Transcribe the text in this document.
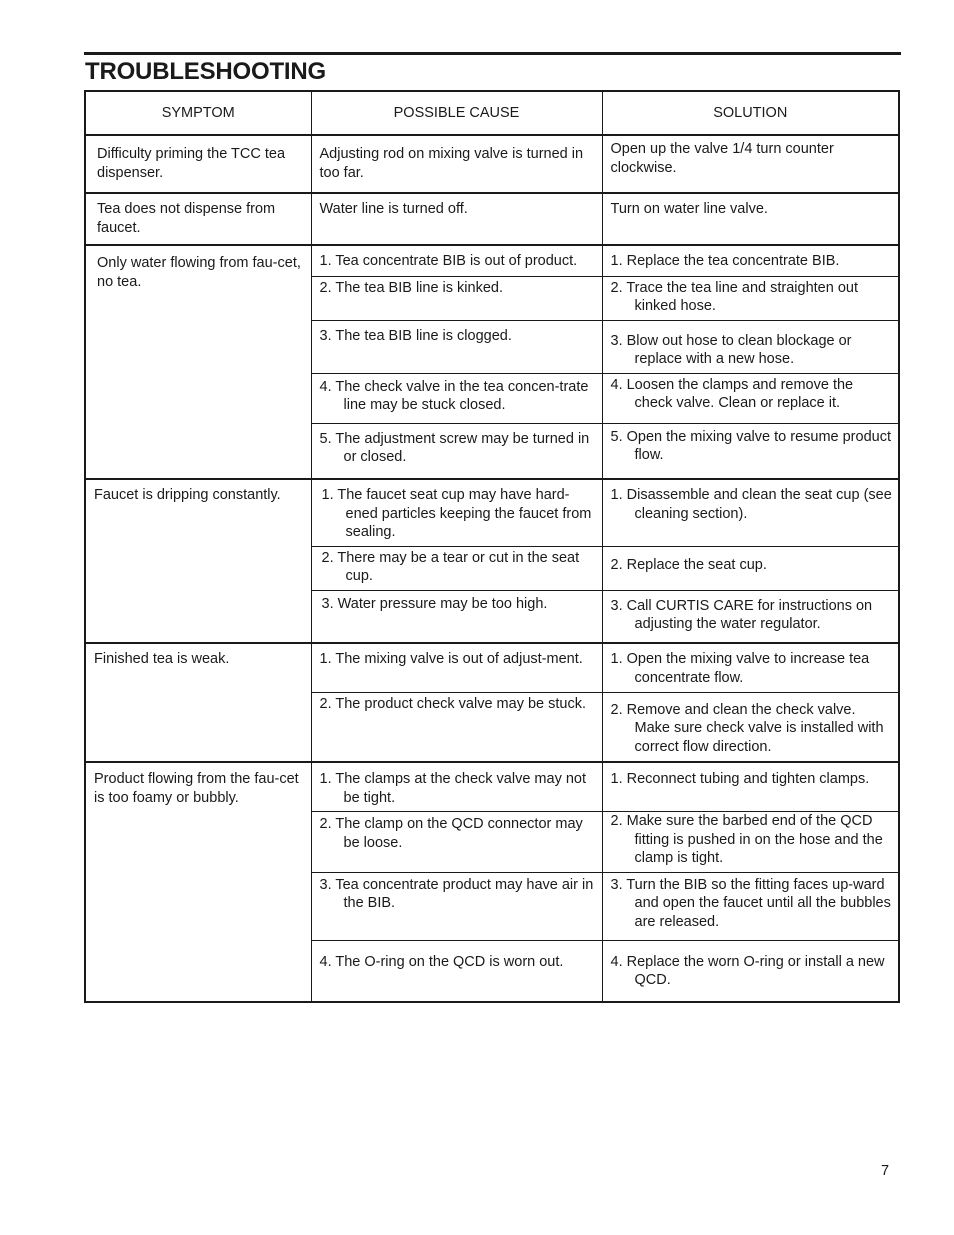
TROUBLESHOOTING
SYMPTOM	POSSIBLE CAUSE	SOLUTION
Difficulty priming the TCC tea dispenser.	Adjusting rod on mixing valve is turned in too far.	Open up the valve 1/4 turn counter clockwise.
Tea does not dispense from faucet.	Water line is turned off.	Turn on water line valve.
Only water flowing from fau-cet, no tea.	1. Tea concentrate BIB is out of product.	1. Replace the tea concentrate BIB.

	2. The tea BIB line is kinked.	2. Trace the tea line and straighten out kinked hose.

	3. The tea BIB line is clogged.	3. Blow out hose to clean blockage or replace with a new hose.

	4. The check valve in the tea concen-trate line may be stuck closed.	4. Loosen the clamps and remove the check valve. Clean or replace it.

	5. The adjustment screw may be turned in or closed.	5. Open the mixing valve to resume product flow.

Faucet is dripping constantly.	1. The faucet seat cup may have hard-ened particles keeping the faucet from sealing.	1. Disassemble and clean the seat cup (see cleaning section).

	2. There may be a tear or cut in the seat cup.	2. Replace the seat cup.

	3. Water pressure may be too high.	3. Call CURTIS CARE for instructions on adjusting the water regulator.

Finished tea is weak.	1. The mixing valve is out of adjust-ment.	1. Open the mixing valve to increase tea concentrate flow.

	2. The product check valve may be stuck.	2. Remove and clean the check valve. Make sure check valve is installed with correct flow direction.

Product flowing from the fau-cet is too foamy or bubbly.	1. The clamps at the check valve may not be tight.	1. Reconnect tubing and tighten clamps.

	2. The clamp on the QCD connector may be loose.	2. Make sure the barbed end of the QCD fitting is pushed in on the hose and the clamp is tight.

	3. Tea concentrate product may have air in the BIB.	3. Turn the BIB so the fitting faces up-ward and open the faucet until all the bubbles are released.

	4. The O-ring on the QCD is worn out.	4. Replace the worn O-ring or install a new QCD.
7
